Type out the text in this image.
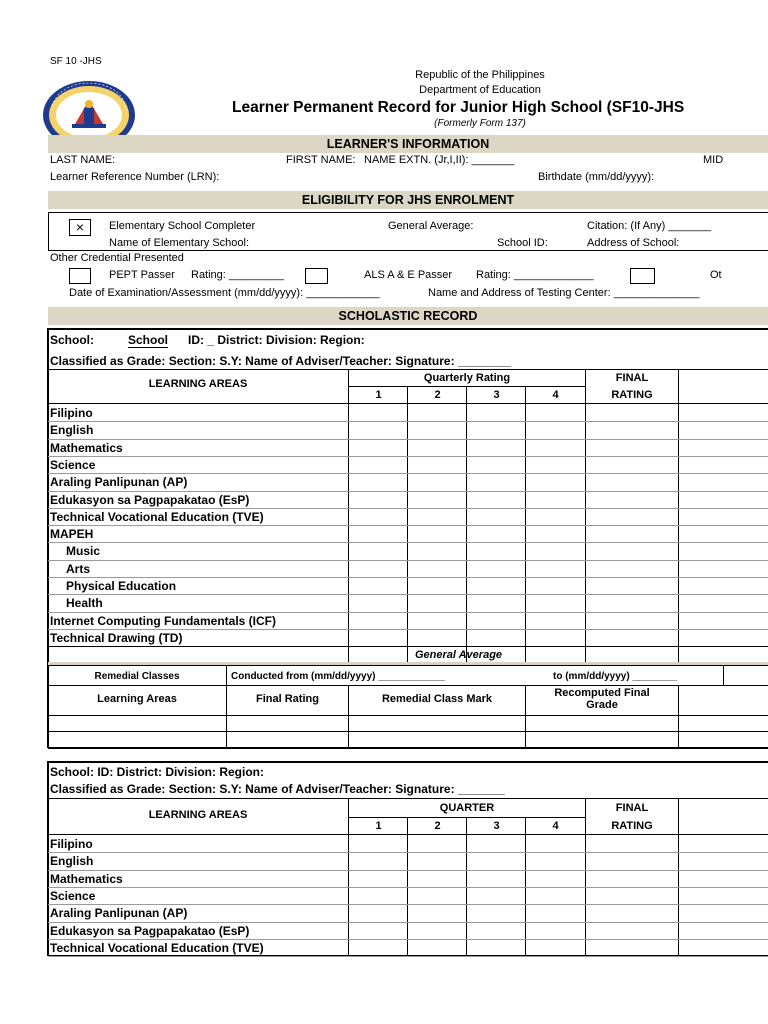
SF 10 -JHS
Republic of the Philippines
Department of Education
Learner Permanent Record for Junior High School (SF10-JHS
(Formerly Form 137)
LEARNER'S INFORMATION
LAST NAME:	FIRST NAME: NAME EXTN. (Jr,I,II): _______	MID
Learner Reference Number (LRN):	Birthdate (mm/dd/yyyy):
ELIGIBILITY FOR JHS ENROLMENT
×	Elementary School Completer	General Average:	Citation: (If Any) _______
Name of Elementary School:	School ID:	Address of School:
Other Credential Presented
PEPT Passer Rating: _________	ALS A & E Passer Rating: _____________	Ot
Date of Examination/Assessment (mm/dd/yyyy): ____________	Name and Address of Testing Center: ______________
SCHOLASTIC RECORD
School:	School ID: _ District: Division: Region:
Classified as Grade: Section: S.Y: Name of Adviser/Teacher: Signature: ________
LEARNING AREAS	Quarterly Rating	FINAL
RATING
1	2	3	4
Filipino
English
Mathematics
Science
Araling Panlipunan (AP)
Edukasyon sa Pagpapakatao (EsP)
Technical Vocational Education (TVE)
MAPEH
Music
Arts
Physical Education
Health
Internet Computing Fundamentals (ICF)
Technical Drawing (TD)
General Average
Remedial Classes	Conducted from (mm/dd/yyyy) ____________	to (mm/dd/yyyy) ________
Learning Areas	Final Rating	Remedial Class Mark	Recomputed Final
Grade
School: ID: District: Division: Region:
Classified as Grade: Section: S.Y: Name of Adviser/Teacher: Signature: _______
LEARNING AREAS
QUARTER	FINAL
RATING
1	2	3	4
Filipino
English
Mathematics
Science
Araling Panlipunan (AP)
Edukasyon sa Pagpapakatao (EsP)
Technical Vocational Education (TVE)
